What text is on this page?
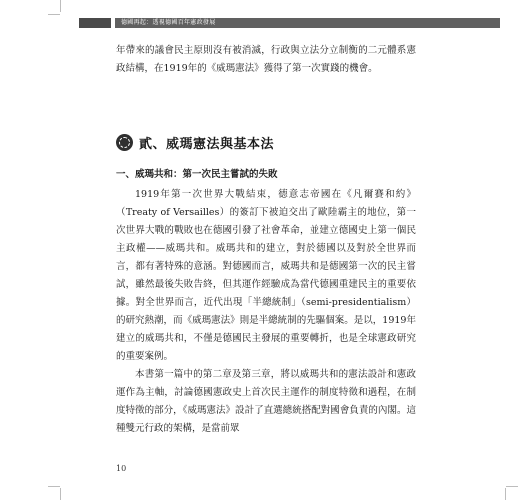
德國再起：透視德國百年憲政發展

年帶來的議會民主原則沒有被消滅，行政與立法分立制衡的二元體系憲政結構，在1919年的《威瑪憲法》獲得了第一次實踐的機會。

貳、威瑪憲法與基本法
一、威瑪共和：第一次民主嘗試的失敗

1919年第一次世界大戰結束，德意志帝國在《凡爾賽和約》（Treaty of Versailles）的簽訂下被迫交出了歐陸霸主的地位，第一次世界大戰的戰敗也在德國引發了社會革命，並建立德國史上第一個民主政權——威瑪共和。威瑪共和的建立，對於德國以及對於全世界而言，都有著特殊的意涵。對德國而言，威瑪共和是德國第一次的民主嘗試，雖然最後失敗告終，但其運作經驗成為當代德國重建民主的重要依據。對全世界而言，近代出現「半總統制」（semi-presidentialism）的研究熱潮，而《威瑪憲法》則是半總統制的先驅個案。是以，1919年建立的威瑪共和，不僅是德國民主發展的重要轉折，也是全球憲政研究的重要案例。

本書第一篇中的第二章及第三章，將以威瑪共和的憲法設計和憲政運作為主軸，討論德國憲政史上首次民主運作的制度特徵和過程，在制度特徵的部分，《威瑪憲法》設計了直選總統搭配對國會負責的內閣。這種雙元行政的架構，是當前眾

10
